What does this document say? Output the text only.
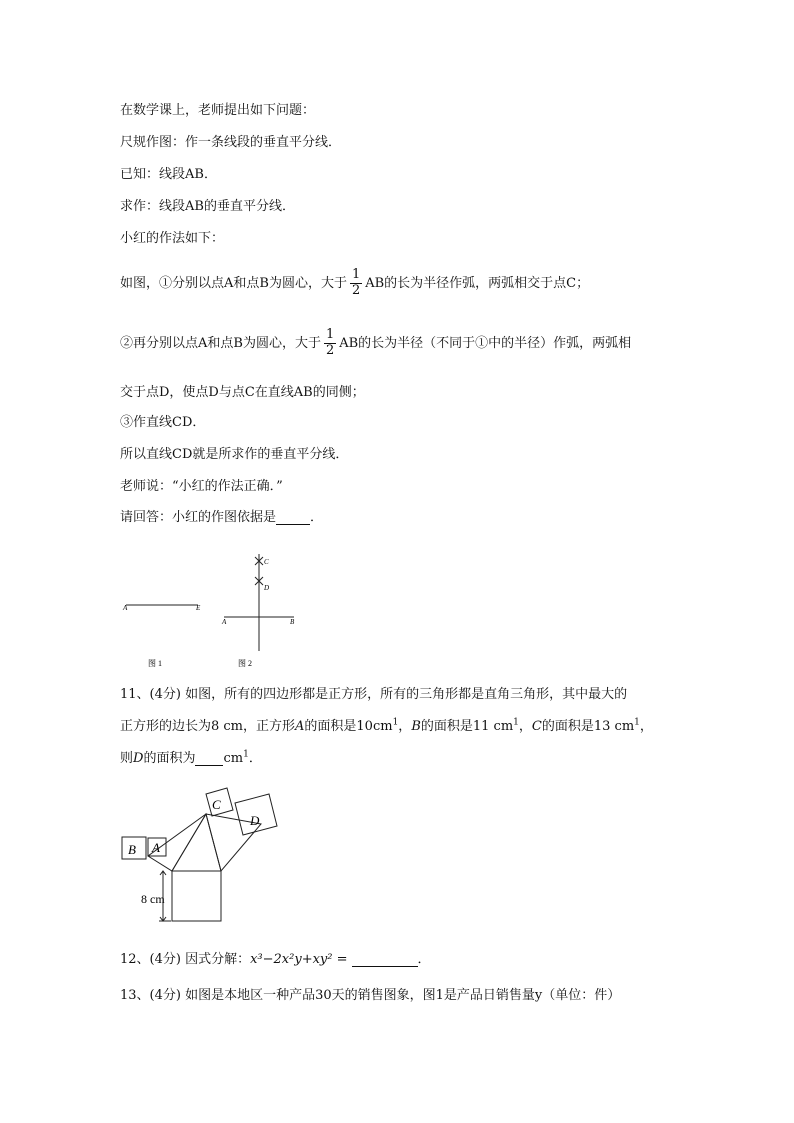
在数学课上，老师提出如下问题：
尺规作图：作一条线段的垂直平分线．
已知：线段AB．
求作：线段AB的垂直平分线．
小红的作法如下：
如图，①分别以点A和点B为圆心，大于 $\frac{1}{2}$ AB的长为半径作弧，两弧相交于点C；
②再分别以点A和点B为圆心，大于 $\frac{1}{2}$ AB的长为半径（不同于①中的半径）作弧，两弧相
交于点D，使点D与点C在直线AB的同侧；
③作直线CD．
所以直线CD就是所求作的垂直平分线．
老师说：“小红的作法正确．”
请回答：小红的作图依据是	．
A	E
图 1
C
D
A	B
图 2
11、(4分) 如图，所有的四边形都是正方形，所有的三角形都是直角三角形，其中最大的
正方形的边长为8 cm，正方形A的面积是$10cm^1$，B的面积是11 $cm^1$，C的面积是13 $cm^1$，
则D的面积为 $cm^1$．
A
B
C
D
8 cm
12、(4分) 因式分解：x³−2x²y+xy² =	．
13、(4分) 如图是本地区一种产品30天的销售图象，图1是产品日销售量y（单位：件）
